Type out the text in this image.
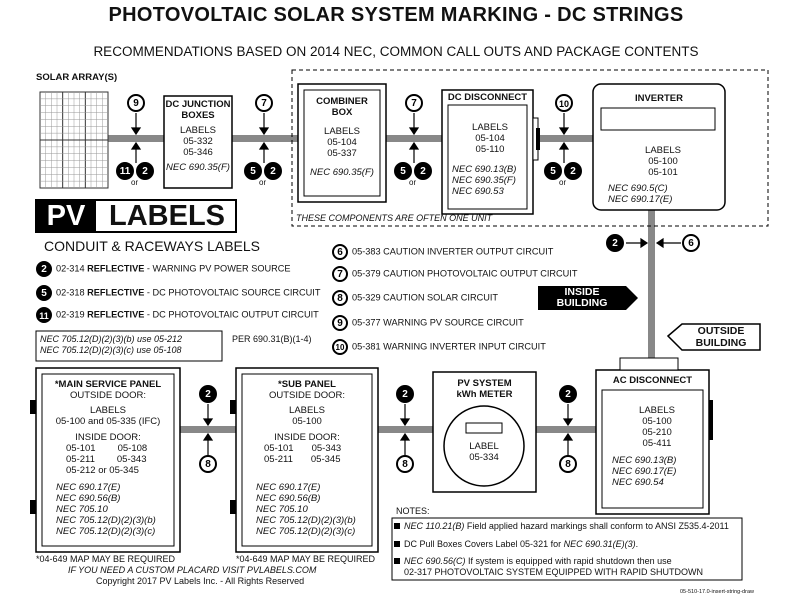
PHOTOVOLTAIC SOLAR SYSTEM MARKING - DC STRINGS
RECOMMENDATIONS BASED ON 2014 NEC, COMMON CALL OUTS AND PACKAGE CONTENTS
SOLAR ARRAY(S)
DC JUNCTION
BOXES
LABELS
05-332
05-346
NEC 690.35(F)
COMBINER
BOX
LABELS
05-104
05-337
NEC 690.35(F)
DC DISCONNECT
LABELS
05-104
05-110
NEC 690.13(B)
NEC 690.35(F)
NEC 690.53
INVERTER
LABELS
05-100
05-101
NEC 690.5(C)
NEC 690.17(E)
THESE COMPONENTS ARE OFTEN ONE UNIT
9
11	2
or
7
5	2
or
7
5	2
or
10
5	2
or
2	6
PV LABELS
CONDUIT & RACEWAYS LABELS
2 02-314 REFLECTIVE - WARNING PV POWER SOURCE
5 02-318 REFLECTIVE - DC PHOTOVOLTAIC SOURCE CIRCUIT
11 02-319 REFLECTIVE - DC PHOTOVOLTAIC OUTPUT CIRCUIT
6 05-383 CAUTION INVERTER OUTPUT CIRCUIT
7 05-379 CAUTION PHOTOVOLTAIC OUTPUT CIRCUIT
8 05-329 CAUTION SOLAR CIRCUIT
9 05-377 WARNING PV SOURCE CIRCUIT
10 05-381 WARNING INVERTER INPUT CIRCUIT
INSIDE
BUILDING
OUTSIDE
BUILDING
NEC 705.12(D)(2)(3)(b) use 05-212
NEC 705.12(D)(2)(3)(c) use 05-108
PER 690.31(B)(1-4)
*MAIN SERVICE PANEL
OUTSIDE DOOR:
LABELS
05-100 and 05-335 (IFC)
INSIDE DOOR:
05-101 05-108
05-211 05-343
05-212 or 05-345
NEC 690.17(E)
NEC 690.56(B)
NEC 705.10
NEC 705.12(D)(2)(3)(b)
NEC 705.12(D)(2)(3)(c)
*04-649 MAP MAY BE REQUIRED
*SUB PANEL
OUTSIDE DOOR:
LABELS
05-100
INSIDE DOOR:
05-101 05-343
05-211 05-345
NEC 690.17(E)
NEC 690.56(B)
NEC 705.10
NEC 705.12(D)(2)(3)(b)
NEC 705.12(D)(2)(3)(c)
*04-649 MAP MAY BE REQUIRED
PV SYSTEM
kWh METER
LABEL
05-334
AC DISCONNECT
LABELS
05-100
05-210
05-411
NEC 690.13(B)
NEC 690.17(E)
NEC 690.54
2
8
2
8
2
8
NOTES:
NEC 110.21(B) Field applied hazard markings shall conform to ANSI Z535.4-2011
DC Pull Boxes Covers Label 05-321 for NEC 690.31(E)(3).
NEC 690.56(C) If system is equipped with rapid shutdown then use
02-317 PHOTOVOLTAIC SYSTEM EQUIPPED WITH RAPID SHUTDOWN
IF YOU NEED A CUSTOM PLACARD VISIT PVLABELS.COM
Copyright 2017 PV Labels Inc. - All Rights Reserved
05-510-17.0-insert-string-draw
